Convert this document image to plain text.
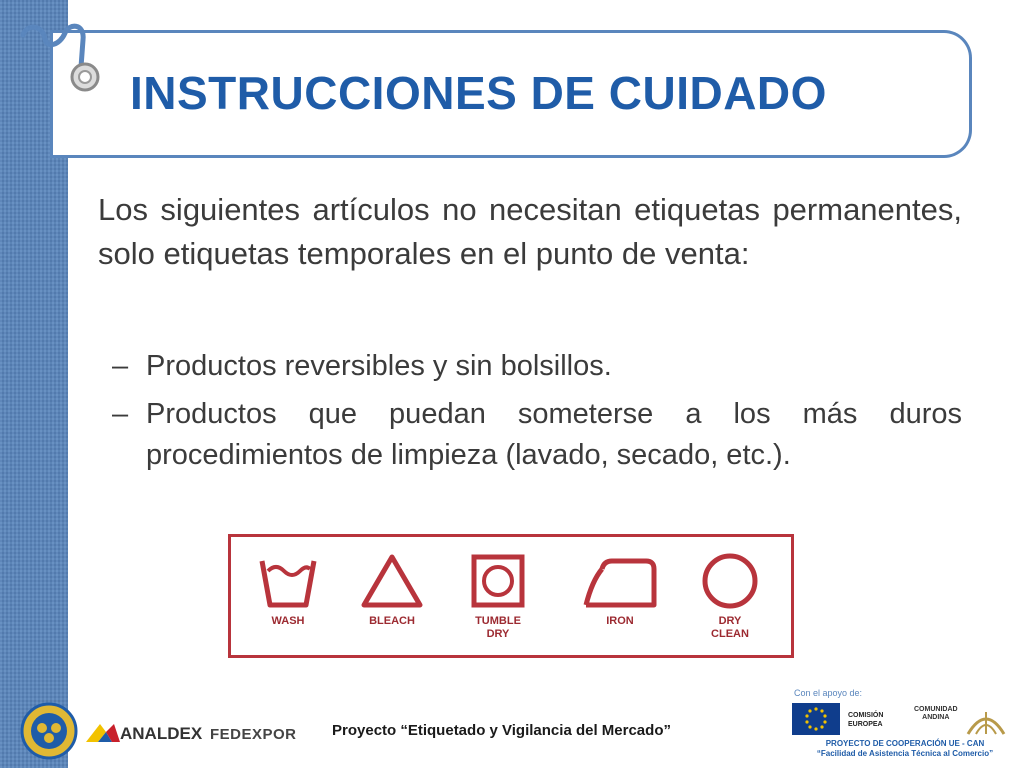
INSTRUCCIONES DE CUIDADO
Los siguientes artículos no necesitan etiquetas permanentes, solo etiquetas temporales en el punto de venta:
– Productos reversibles y sin bolsillos.
– Productos que puedan someterse a los más duros procedimientos de limpieza (lavado, secado, etc.).
WASH	BLEACH	TUMBLE
DRY
IRON	DRY
CLEAN
ANALDEX FEDEXPOR Proyecto “Etiquetado y Vigilancia del Mercado”
Con el apoyo de:
COMISIÓN
EUROPEA
COMUNIDAD
ANDINA
PROYECTO DE COOPERACIÓN UE - CAN
“Facilidad de Asistencia Técnica al Comercio”
